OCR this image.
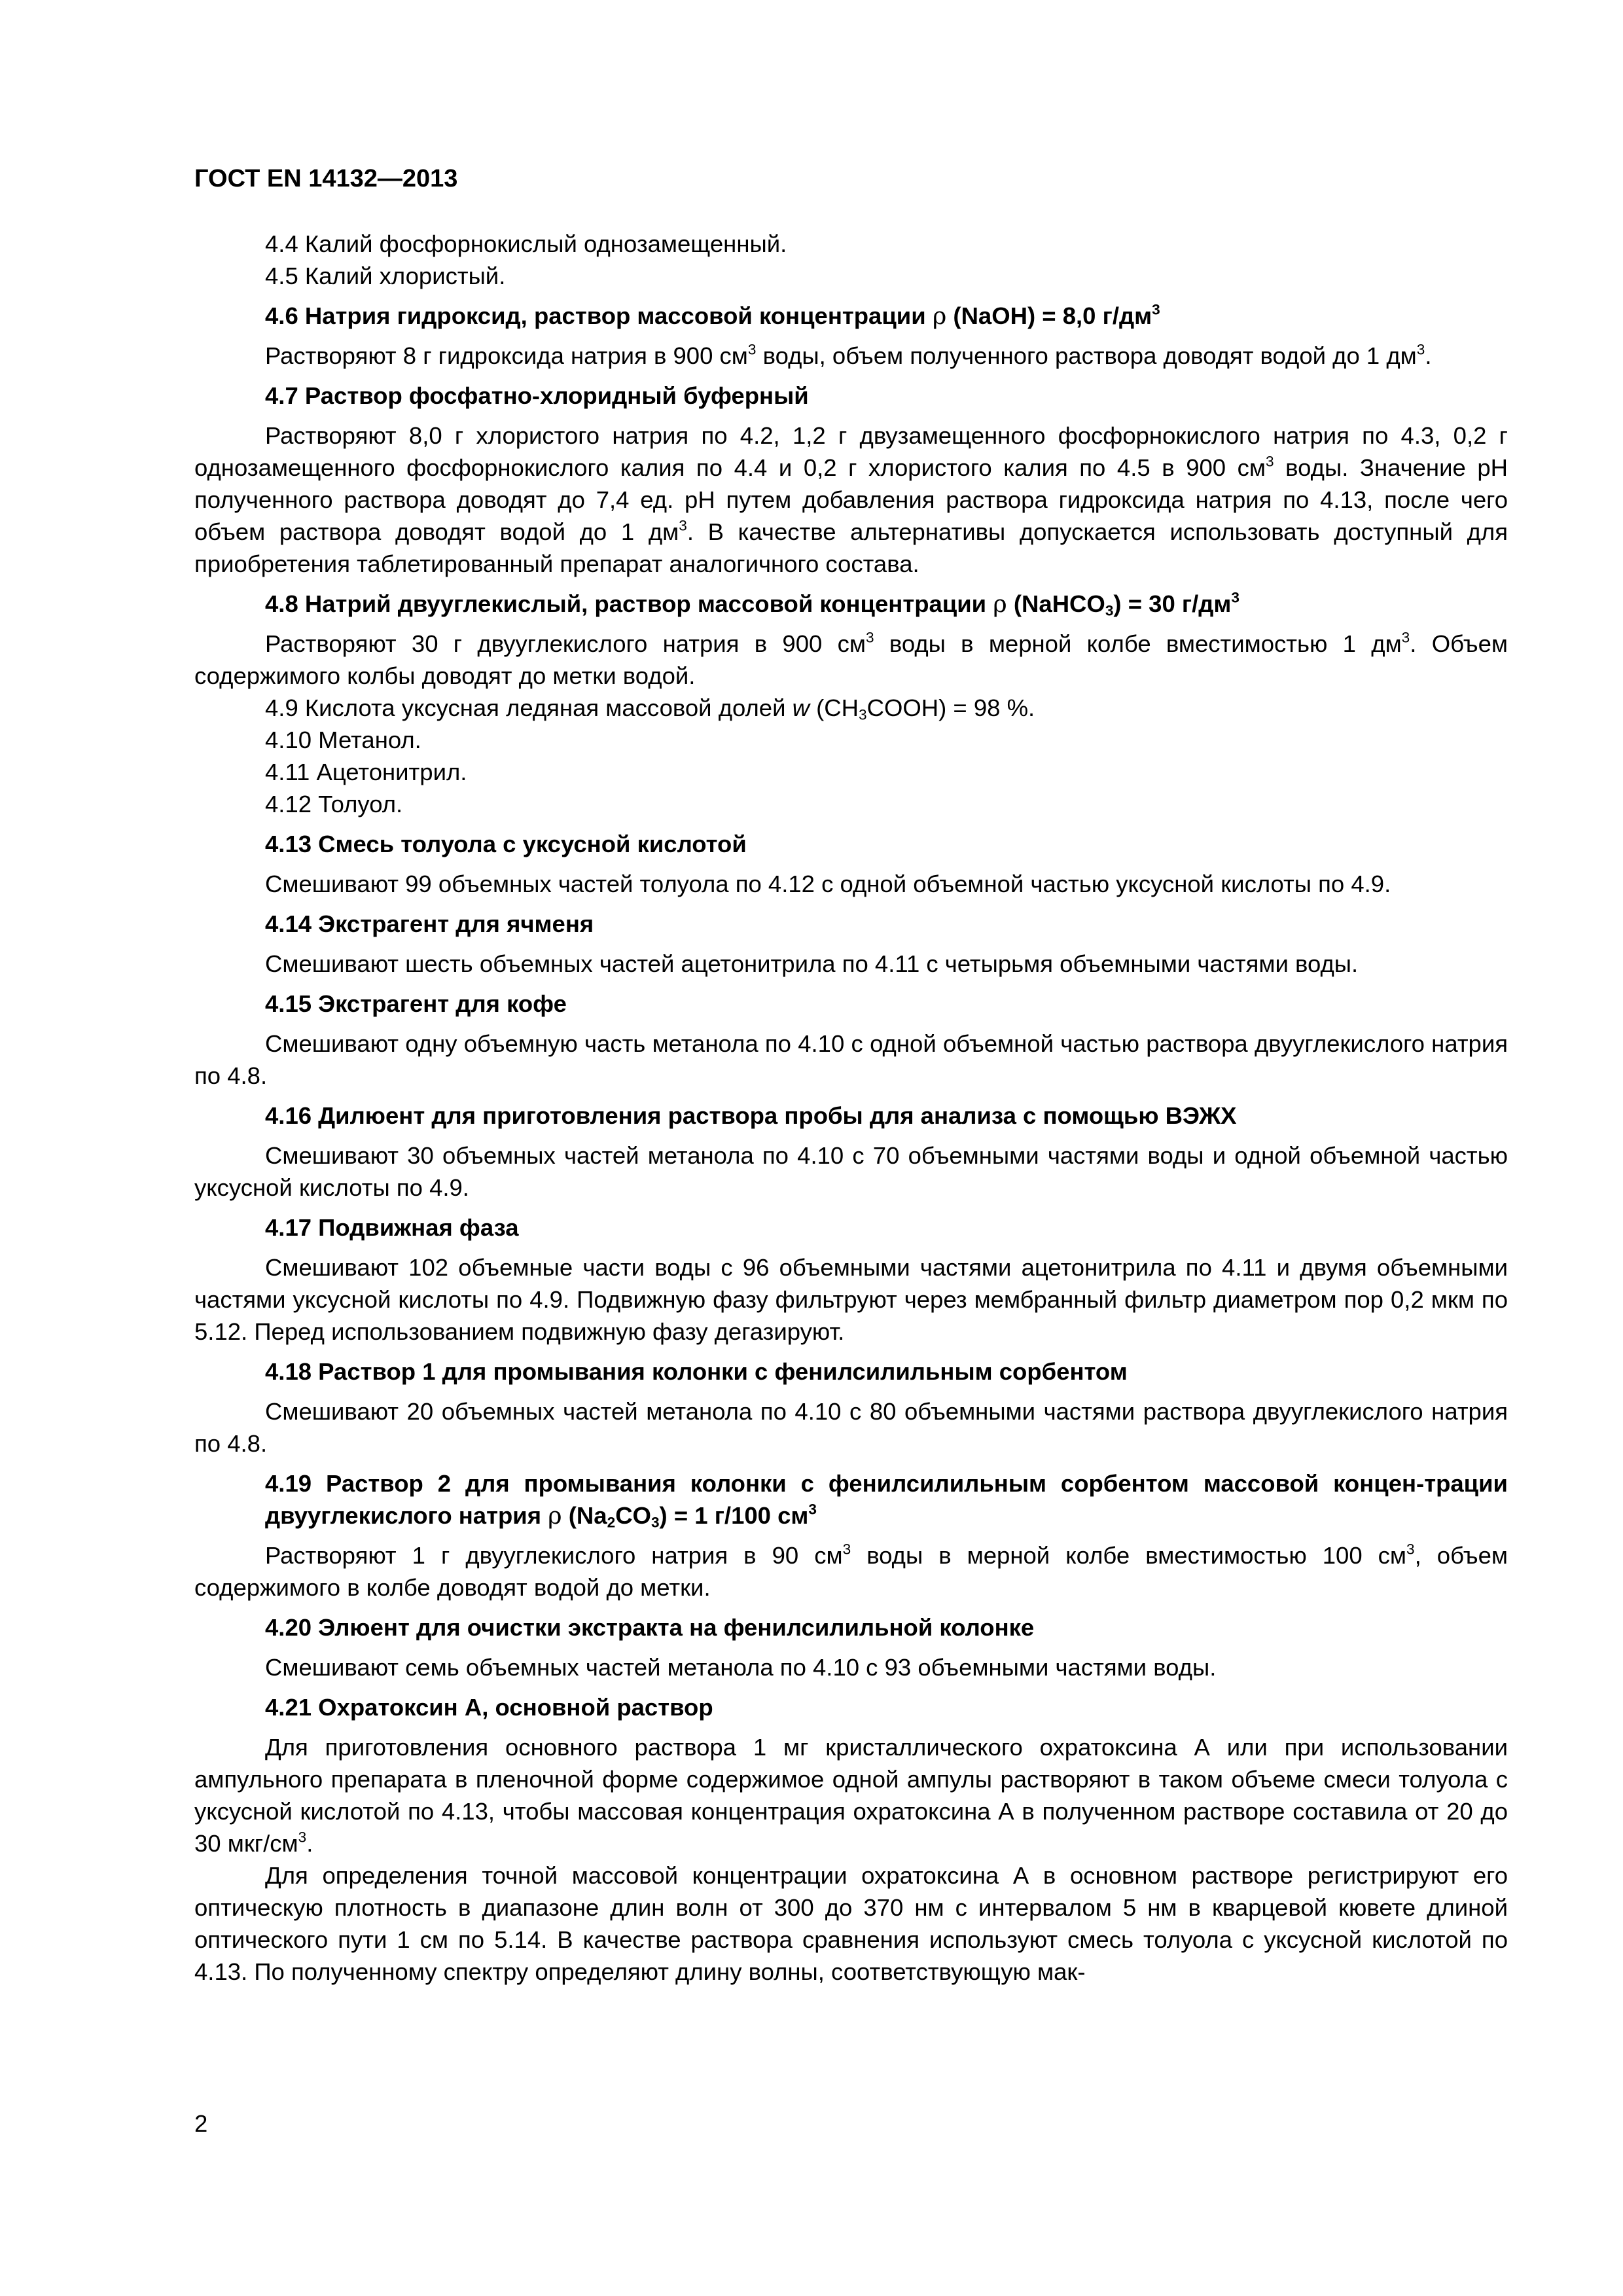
ГОСТ EN 14132—2013
4.4 Калий фосфорнокислый однозамещенный.
4.5 Калий хлористый.
4.6 Натрия гидроксид, раствор массовой концентрации ρ (NaOH) = 8,0 $г/дм^3$

Растворяют 8 г гидроксида натрия в 900 $см^3$ воды, объем полученного раствора доводят водой до 1 $дм^3$.

4.7 Раствор фосфатно-хлоридный буферный

Растворяют 8,0 г хлористого натрия по 4.2, 1,2 г двузамещенного фосфорнокислого натрия по 4.3, 0,2 г однозамещенного фосфорнокислого калия по 4.4 и 0,2 г хлористого калия по 4.5 в 900 $см^3$ воды. Значение рН полученного раствора доводят до 7,4 ед. рН путем добавления раствора гидроксида натрия по 4.13, после чего объем раствора доводят водой до 1 $дм^3$. В качестве альтернативы допускается использовать доступный для приобретения таблетированный препарат аналогичного состава.

4.8 Натрий двууглекислый, раствор массовой концентрации ρ (NaHCO$_3$) = 30 $г/дм^3$

Растворяют 30 г двууглекислого натрия в 900 $см^3$ воды в мерной колбе вместимостью 1 $дм^3$. Объем содержимого колбы доводят до метки водой.

4.9 Кислота уксусная ледяная массовой долей w $(CH_3COOH) = 98$ %.
4.10 Метанол.
4.11 Ацетонитрил.
4.12 Толуол.
4.13 Смесь толуола с уксусной кислотой

Смешивают 99 объемных частей толуола по 4.12 с одной объемной частью уксусной кислоты по 4.9.

4.14 Экстрагент для ячменя

Смешивают шесть объемных частей ацетонитрила по 4.11 с четырьмя объемными частями воды.

4.15 Экстрагент для кофе

Смешивают одну объемную часть метанола по 4.10 с одной объемной частью раствора двууглекислого натрия по 4.8.

4.16 Дилюент для приготовления раствора пробы для анализа с помощью ВЭЖХ

Смешивают 30 объемных частей метанола по 4.10 с 70 объемными частями воды и одной объемной частью уксусной кислоты по 4.9.

4.17 Подвижная фаза

Смешивают 102 объемные части воды с 96 объемными частями ацетонитрила по 4.11 и двумя объемными частями уксусной кислоты по 4.9. Подвижную фазу фильтруют через мембранный фильтр диаметром пор 0,2 мкм по 5.12. Перед использованием подвижную фазу дегазируют.

4.18 Раствор 1 для промывания колонки с фенилсилильным сорбентом

Смешивают 20 объемных частей метанола по 4.10 с 80 объемными частями раствора двууглекислого натрия по 4.8.

4.19 Раствор 2 для промывания колонки с фенилсилильным сорбентом массовой концен-трации двууглекислого натрия ρ $(Na_2CO_3) = 1$ г/100 $см^3$

Растворяют 1 г двууглекислого натрия в 90 $см^3$ воды в мерной колбе вместимостью 100 $см^3$, объем содержимого в колбе доводят водой до метки.

4.20 Элюент для очистки экстракта на фенилсилильной колонке

Смешивают семь объемных частей метанола по 4.10 с 93 объемными частями воды.

4.21 Охратоксин А, основной раствор

Для приготовления основного раствора 1 мг кристаллического охратоксина А или при использовании ампульного препарата в пленочной форме содержимое одной ампулы растворяют в таком объеме смеси толуола с уксусной кислотой по 4.13, чтобы массовая концентрация охратоксина А в полученном растворе составила от 20 до 30 мкг/$см^3$.

Для определения точной массовой концентрации охратоксина А в основном растворе регистрируют его оптическую плотность в диапазоне длин волн от 300 до 370 нм с интервалом 5 нм в кварцевой кювете длиной оптического пути 1 см по 5.14. В качестве раствора сравнения используют смесь толуола с уксусной кислотой по 4.13. По полученному спектру определяют длину волны, соответствующую мак-

2
